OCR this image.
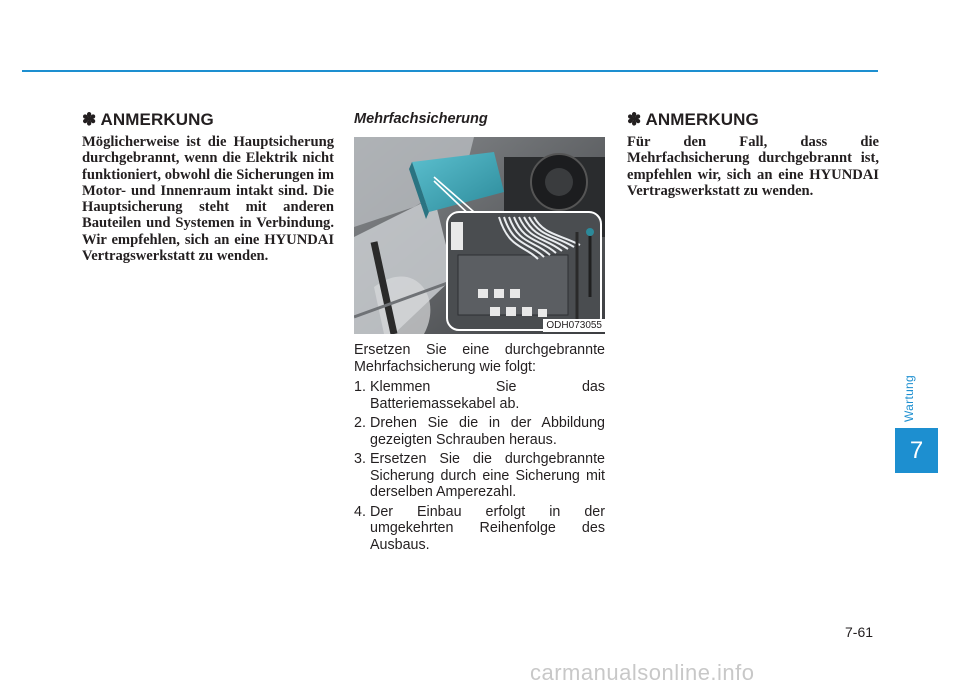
✽ ANMERKUNG

Möglicherweise ist die Hauptsicherung durchgebrannt, wenn die Elektrik nicht funktioniert, obwohl die Sicherungen im Motor- und Innenraum intakt sind. Die Hauptsicherung steht mit anderen Bauteilen und Systemen in Verbindung. Wir empfehlen, sich an eine HYUNDAI Vertragswerkstatt zu wenden.

Mehrfachsicherung
ODH073055

Ersetzen Sie eine durchgebrannte Mehrfachsicherung wie folgt:

1. Klemmen Sie das Batteriemassekabel ab.
2. Drehen Sie die in der Abbildung gezeigten Schrauben heraus.
3. Ersetzen Sie die durchgebrannte Sicherung durch eine Sicherung mit derselben Amperezahl.
4. Der Einbau erfolgt in der umgekehrten Reihenfolge des Ausbaus.
✽ ANMERKUNG

Für den Fall, dass die Mehrfachsicherung durchgebrannt ist, empfehlen wir, sich an eine HYUNDAI Vertragswerkstatt zu wenden.

Wartung
7
7-61
carmanualsonline.info
